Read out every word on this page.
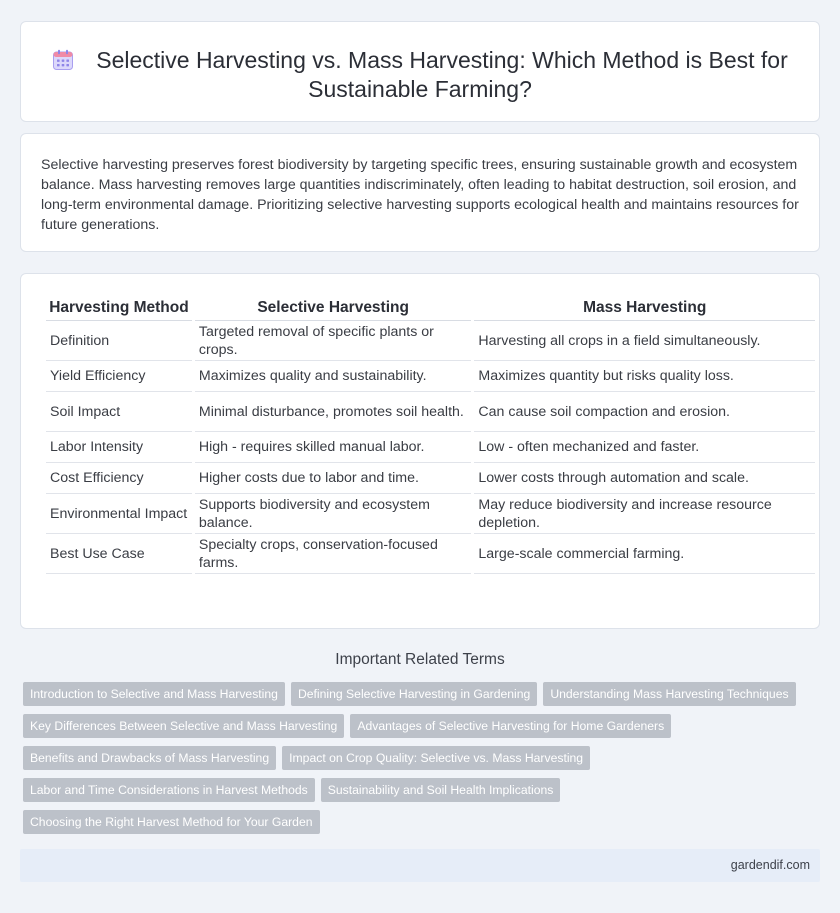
Selective Harvesting vs. Mass Harvesting: Which Method is Best for Sustainable Farming?

Selective harvesting preserves forest biodiversity by targeting specific trees, ensuring sustainable growth and ecosystem balance. Mass harvesting removes large quantities indiscriminately, often leading to habitat destruction, soil erosion, and long-term environmental damage. Prioritizing selective harvesting supports ecological health and maintains resources for future generations.

Harvesting Method	Selective Harvesting	Mass Harvesting
Definition	Targeted removal of specific plants or crops.	Harvesting all crops in a field simultaneously.
Yield Efficiency	Maximizes quality and sustainability.	Maximizes quantity but risks quality loss.
Soil Impact	Minimal disturbance, promotes soil health.	Can cause soil compaction and erosion.
Labor Intensity	High - requires skilled manual labor.	Low - often mechanized and faster.
Cost Efficiency	Higher costs due to labor and time.	Lower costs through automation and scale.
Environmental Impact	Supports biodiversity and ecosystem balance.	May reduce biodiversity and increase resource depletion.
Best Use Case	Specialty crops, conservation-focused farms.	Large-scale commercial farming.
Important Related Terms
Introduction to Selective and Mass Harvesting	Defining Selective Harvesting in Gardening	Understanding Mass Harvesting Techniques
Key Differences Between Selective and Mass Harvesting	Advantages of Selective Harvesting for Home Gardeners
Benefits and Drawbacks of Mass Harvesting	Impact on Crop Quality: Selective vs. Mass Harvesting
Labor and Time Considerations in Harvest Methods	Sustainability and Soil Health Implications
Choosing the Right Harvest Method for Your Garden
gardendif.com
